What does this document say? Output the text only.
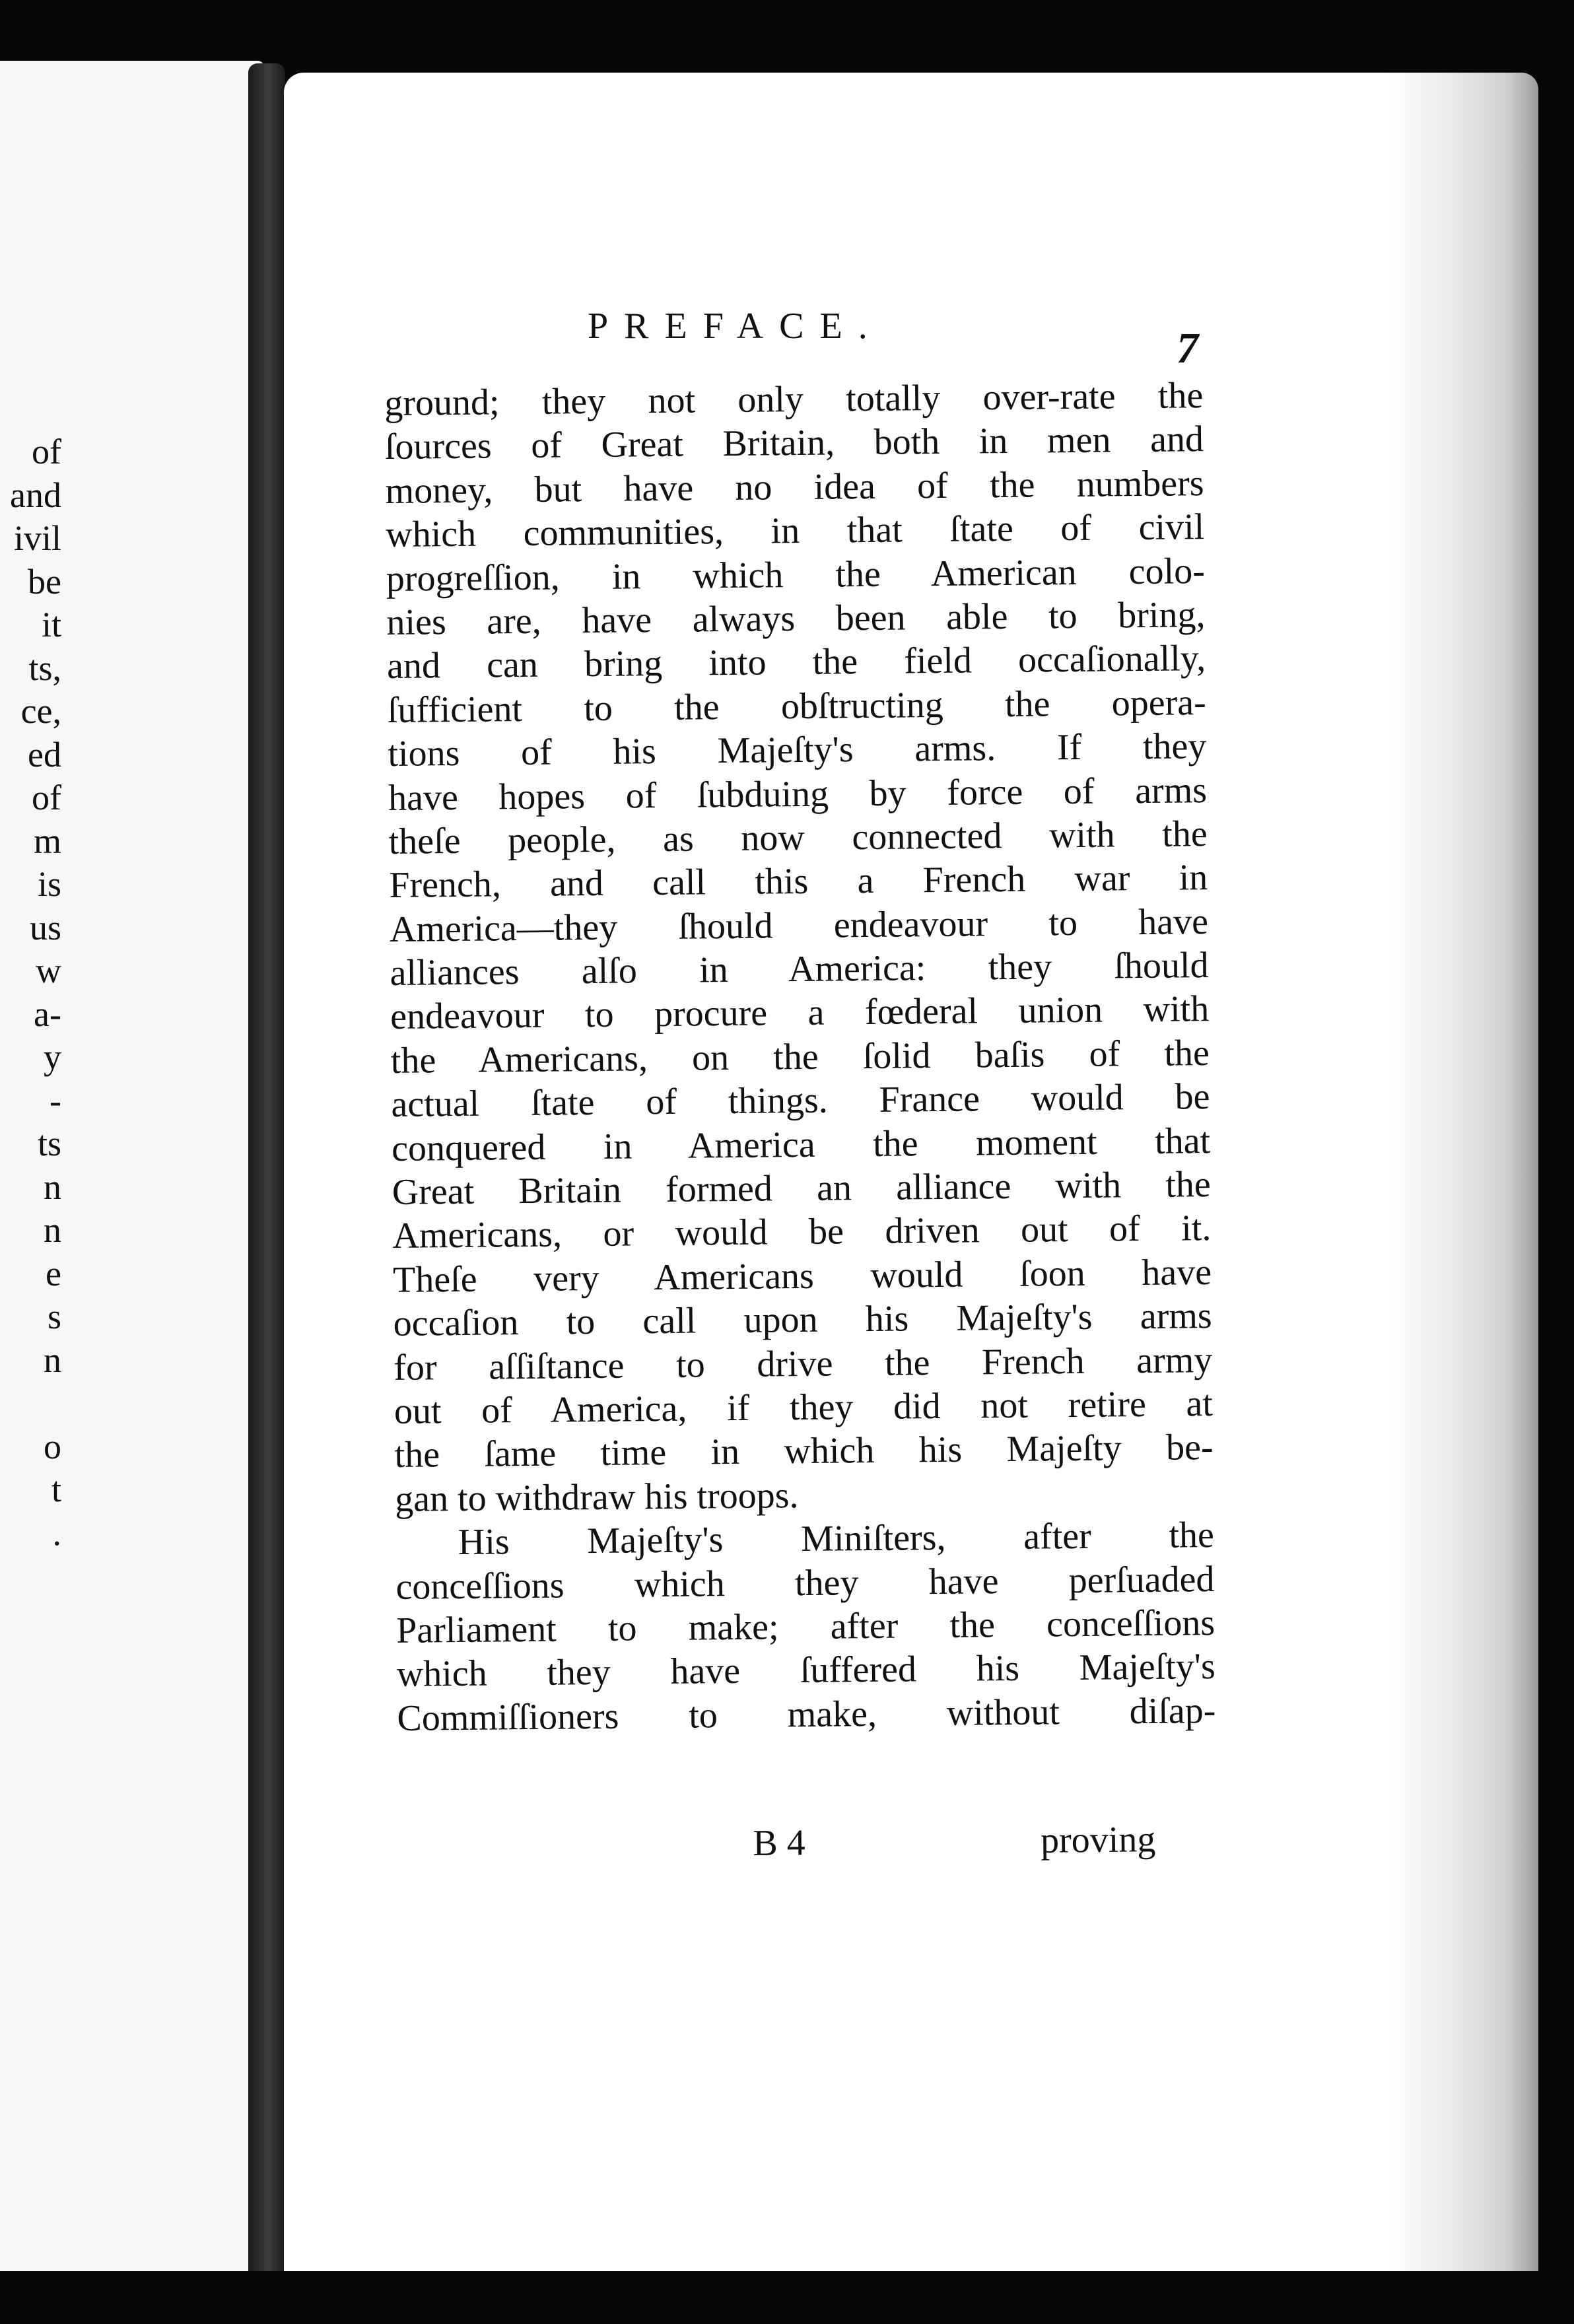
of
and
ivil
be
it
ts,
ce,
ed
of
m
is
us
w
a-
y
-
ts
n
n
e
s
n
o
t
.
PREFACE.	7
ground; they not only totally over-rate the
ſources of Great Britain, both in men and
money, but have no idea of the numbers
which communities, in that ſtate of civil
progreſſion, in which the American colo-
nies are, have always been able to bring,
and can bring into the field occaſionally,
ſufficient to the obſtructing the opera-
tions of his Majeſty's arms. If they
have hopes of ſubduing by force of arms
theſe people, as now connected with the
French, and call this a French war in
America—they ſhould endeavour to have
alliances alſo in America: they ſhould
endeavour to procure a fœderal union with
the Americans, on the ſolid baſis of the
actual ſtate of things. France would be
conquered in America the moment that
Great Britain formed an alliance with the
Americans, or would be driven out of it.
Theſe very Americans would ſoon have
occaſion to call upon his Majeſty's arms
for aſſiſtance to drive the French army
out of America, if they did not retire at
the ſame time in which his Majeſty be-
gan to withdraw his troops.
His Majeſty's Miniſters, after the
conceſſions which they have perſuaded
Parliament to make; after the conceſſions
which they have ſuffered his Majeſty's
Commiſſioners to make, without diſap-
B 4	proving
